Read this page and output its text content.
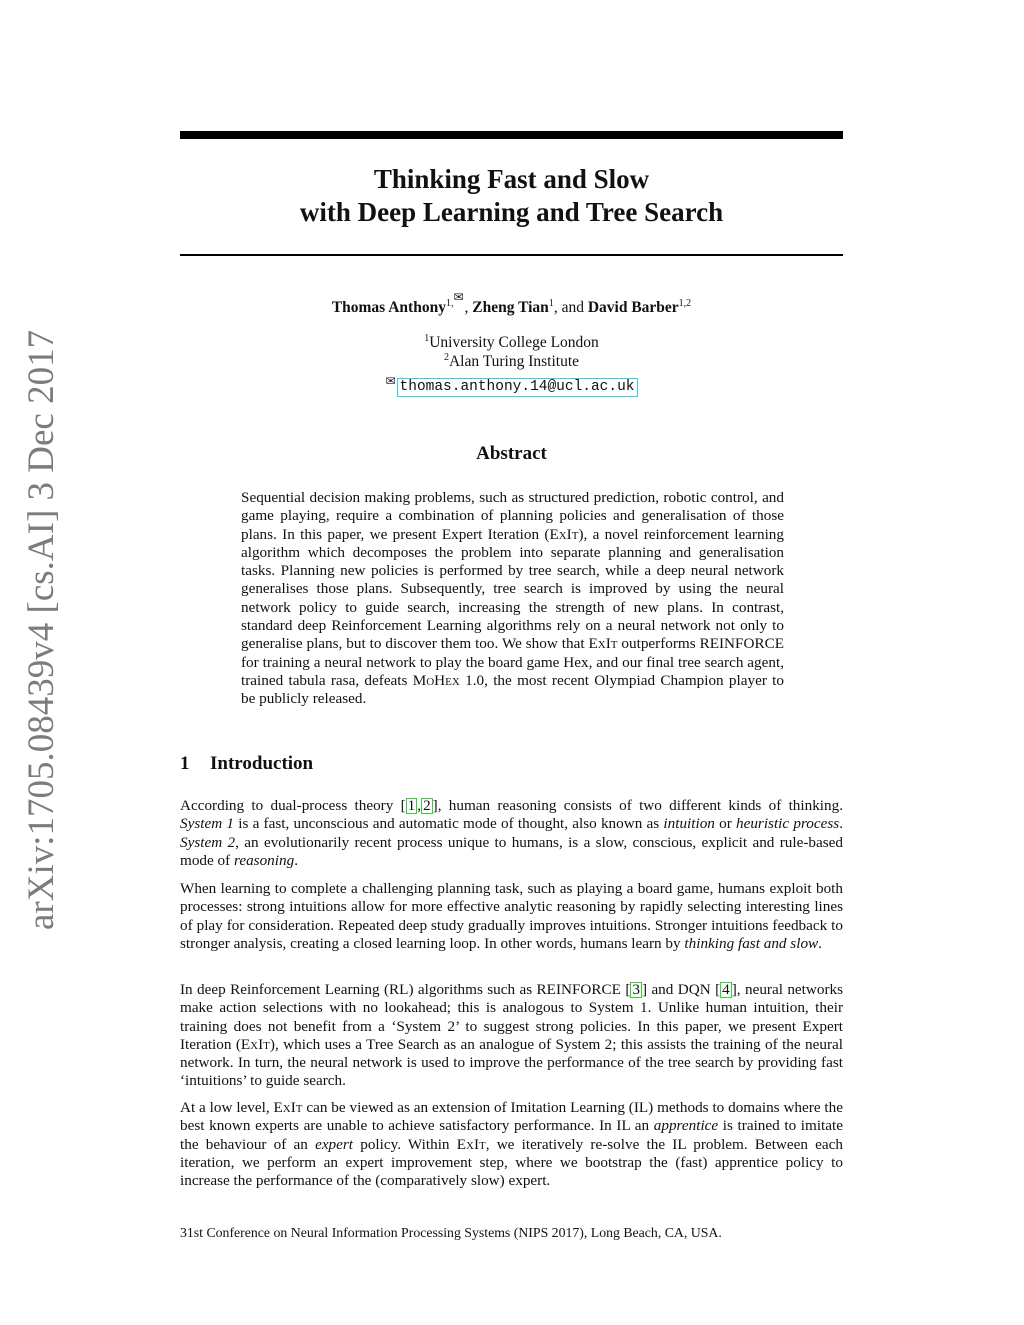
arXiv:1705.08439v4 [cs.AI] 3 Dec 2017
Thinking Fast and Slow
with Deep Learning and Tree Search
Thomas Anthony$^{1,✉}$, Zheng Tian$^1$, and David Barber$^{1,2}$
$^1$University College London
$^2$Alan Turing Institute
✉ thomas.anthony.14@ucl.ac.uk
Abstract
Sequential decision making problems, such as structured prediction, robotic control, and game playing, require a combination of planning policies and generalisation of those plans. In this paper, we present Expert Iteration (ExIt), a novel reinforcement learning algorithm which decomposes the problem into separate planning and generalisation tasks. Planning new policies is performed by tree search, while a deep neural network generalises those plans. Subsequently, tree search is improved by using the neural network policy to guide search, increasing the strength of new plans. In contrast, standard deep Reinforcement Learning algorithms rely on a neural network not only to generalise plans, but to discover them too. We show that ExIt outperforms REINFORCE for training a neural network to play the board game Hex, and our final tree search agent, trained tabula rasa, defeats MoHex 1.0, the most recent Olympiad Champion player to be publicly released.
1 Introduction

According to dual-process theory [ 1 , 2 ], human reasoning consists of two different kinds of thinking. System 1 is a fast, unconscious and automatic mode of thought, also known as intuition or heuristic process. System 2, an evolutionarily recent process unique to humans, is a slow, conscious, explicit and rule-based mode of reasoning.

When learning to complete a challenging planning task, such as playing a board game, humans exploit both processes: strong intuitions allow for more effective analytic reasoning by rapidly selecting interesting lines of play for consideration. Repeated deep study gradually improves intuitions. Stronger intuitions feedback to stronger analysis, creating a closed learning loop. In other words, humans learn by thinking fast and slow.

In deep Reinforcement Learning (RL) algorithms such as REINFORCE [ 3 ] and DQN [ 4 ], neural networks make action selections with no lookahead; this is analogous to System 1. Unlike human intuition, their training does not benefit from a ‘System 2’ to suggest strong policies. In this paper, we present Expert Iteration (ExIt), which uses a Tree Search as an analogue of System 2; this assists the training of the neural network. In turn, the neural network is used to improve the performance of the tree search by providing fast ‘intuitions’ to guide search.

At a low level, ExIt can be viewed as an extension of Imitation Learning (IL) methods to domains where the best known experts are unable to achieve satisfactory performance. In IL an apprentice is trained to imitate the behaviour of an expert policy. Within ExIt, we iteratively re-solve the IL problem. Between each iteration, we perform an expert improvement step, where we bootstrap the (fast) apprentice policy to increase the performance of the (comparatively slow) expert.

31st Conference on Neural Information Processing Systems (NIPS 2017), Long Beach, CA, USA.
